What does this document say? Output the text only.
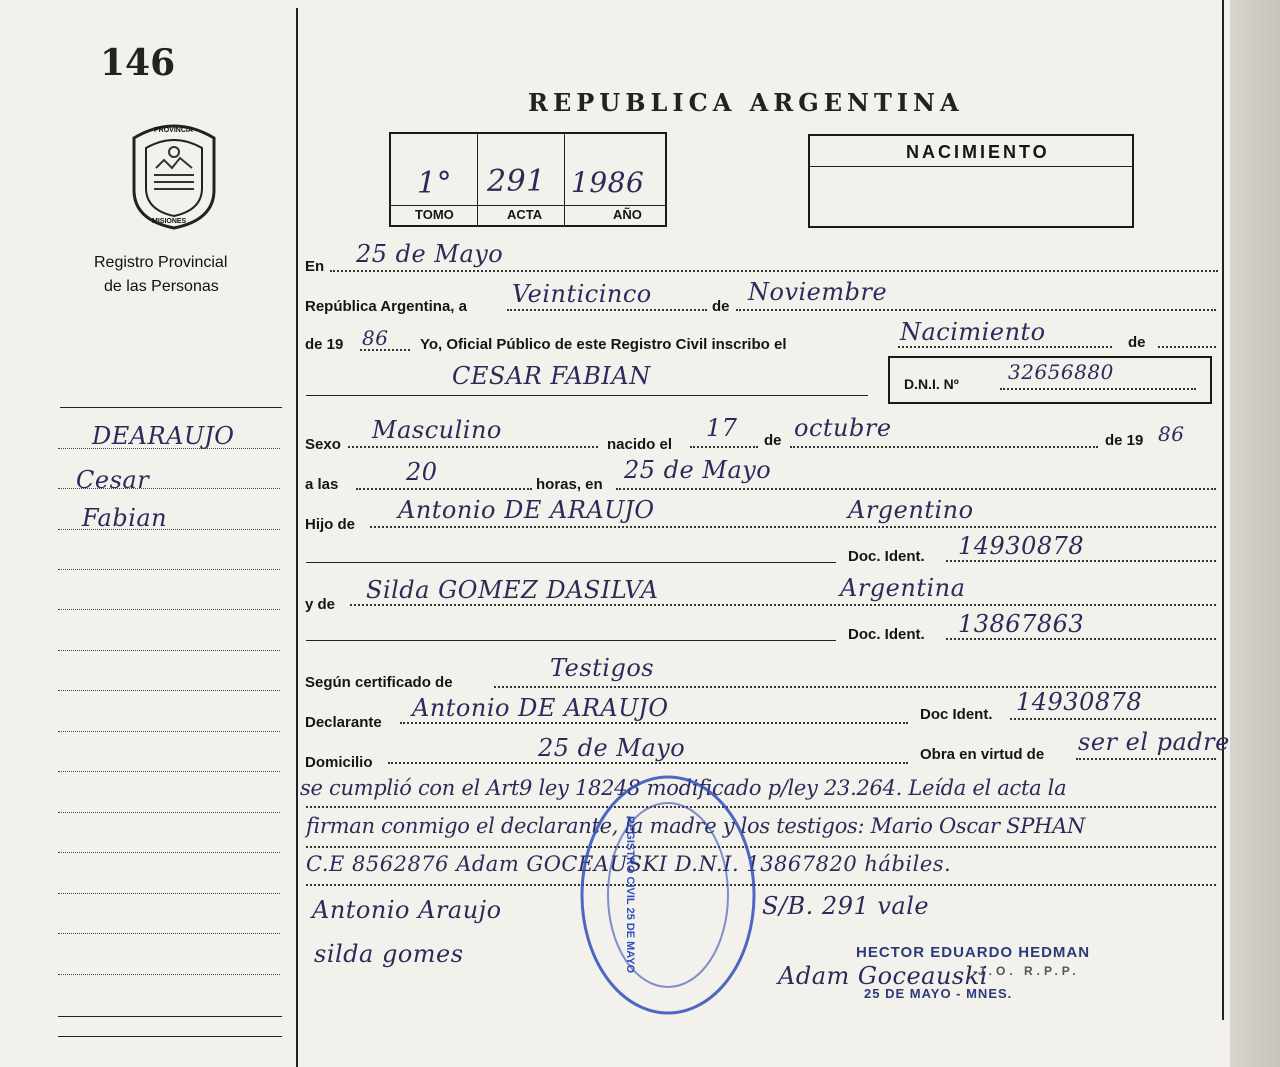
146
PROVINCIA
MISIONES
Registro Provincial
de las Personas
REPUBLICA ARGENTINA
1° 291 1986
TOMO	ACTA	AÑO
NACIMIENTO
DEARAUJO
Cesar
Fabian
En 25 de Mayo
República Argentina, a Veinticinco	de
Noviembre
de 19 86 Yo, Oficial Público de este Registro Civil inscribo el	Nacimiento	de
CESAR FABIAN	D.N.I. Nº 32656880
Sexo
Masculino
nacido el
17 de octubre	de 19 86
a las	20	horas, en
25 de Mayo
Hijo de
Antonio DE ARAUJO	Argentino
Doc. Ident. 14930878
y de
Silda GOMEZ DASILVA	Argentina
Doc. Ident. 13867863
Según certificado de
Testigos
Declarante
Antonio DE ARAUJO	Doc Ident. 14930878
Domicilio
25 de Mayo	Obra en virtud de ser el padre
se cumplió con el Art9 ley 18248 modificado p/ley 23.264. Leída el acta la
firman conmigo el declarante, la madre y los testigos: Mario Oscar SPHAN
C.E 8562876 Adam GOCEAUSKI D.N.I. 13867820 hábiles.
Antonio Araujo	S/B. 291 vale
silda gomes	HECTOR EDUARDO HEDMAN
J.O. R.P.P.
25 DE MAYO - MNES.
Adam Goceauski
REGISTRO CIVIL 25 DE MAYO
